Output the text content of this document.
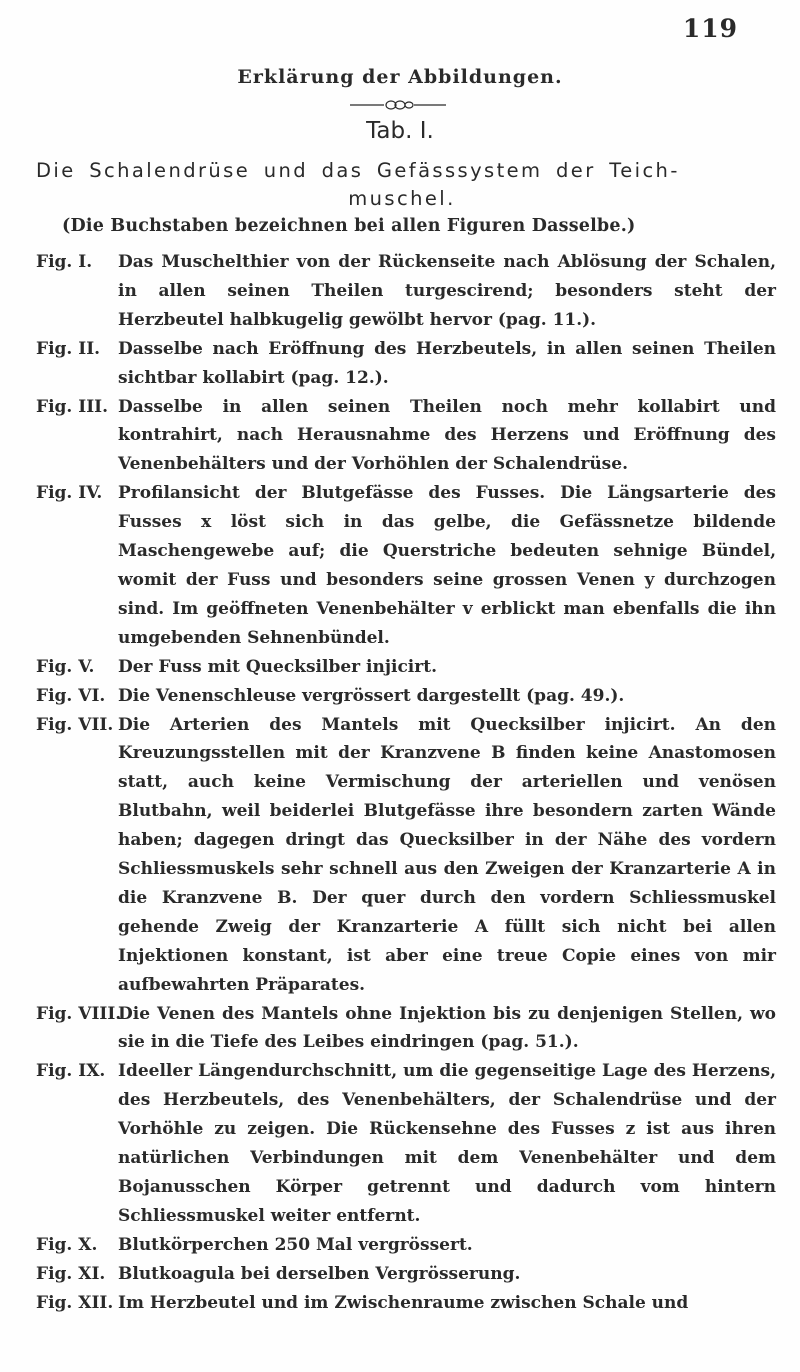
119
Erklärung der Abbildungen.
Tab. I.
Die Schalendrüse und das Gefässsystem der Teich-
muschel.
(Die Buchstaben bezeichnen bei allen Figuren Dasselbe.)
Fig. I. Das Muschelthier von der Rückenseite nach Ablösung der Schalen, in allen seinen Theilen turgescirend; besonders steht der Herzbeutel halbkugelig gewölbt hervor (pag. 11.).
Fig. II. Dasselbe nach Eröffnung des Herzbeutels, in allen seinen Theilen sichtbar kollabirt (pag. 12.).
Fig. III. Dasselbe in allen seinen Theilen noch mehr kollabirt und kontrahirt, nach Herausnahme des Herzens und Eröffnung des Venenbehälters und der Vorhöhlen der Schalendrüse.
Fig. IV. Profilansicht der Blutgefässe des Fusses. Die Längsarterie des Fusses x löst sich in das gelbe, die Gefässnetze bildende Maschengewebe auf; die Querstriche bedeuten sehnige Bündel, womit der Fuss und besonders seine grossen Venen y durchzogen sind. Im geöffneten Venenbehälter v erblickt man ebenfalls die ihn umgebenden Sehnenbündel.
Fig. V. Der Fuss mit Quecksilber injicirt.
Fig. VI. Die Venenschleuse vergrössert dargestellt (pag. 49.).
Fig. VII. Die Arterien des Mantels mit Quecksilber injicirt. An den Kreuzungsstellen mit der Kranzvene B finden keine Anastomosen statt, auch keine Vermischung der arteriellen und venösen Blutbahn, weil beiderlei Blutgefässe ihre besondern zarten Wände haben; dagegen dringt das Quecksilber in der Nähe des vordern Schliessmuskels sehr schnell aus den Zweigen der Kranzarterie A in die Kranzvene B. Der quer durch den vordern Schliessmuskel gehende Zweig der Kranzarterie A füllt sich nicht bei allen Injektionen konstant, ist aber eine treue Copie eines von mir aufbewahrten Präparates.
Fig. VIII.
Die Venen des Mantels ohne Injektion bis zu denjenigen Stellen, wo sie in die Tiefe des Leibes eindringen (pag. 51.).
Fig. IX. Ideeller Längendurchschnitt, um die gegenseitige Lage des Herzens, des Herzbeutels, des Venenbehälters, der Schalendrüse und der Vorhöhle zu zeigen. Die Rückensehne des Fusses z ist aus ihren natürlichen Verbindungen mit dem Venenbehälter und dem Bojanusschen Körper getrennt und dadurch vom hintern Schliessmuskel weiter entfernt.
Fig. X. Blutkörperchen 250 Mal vergrössert.
Fig. XI. Blutkoagula bei derselben Vergrösserung.
Fig. XII. Im Herzbeutel und im Zwischenraume zwischen Schale und
